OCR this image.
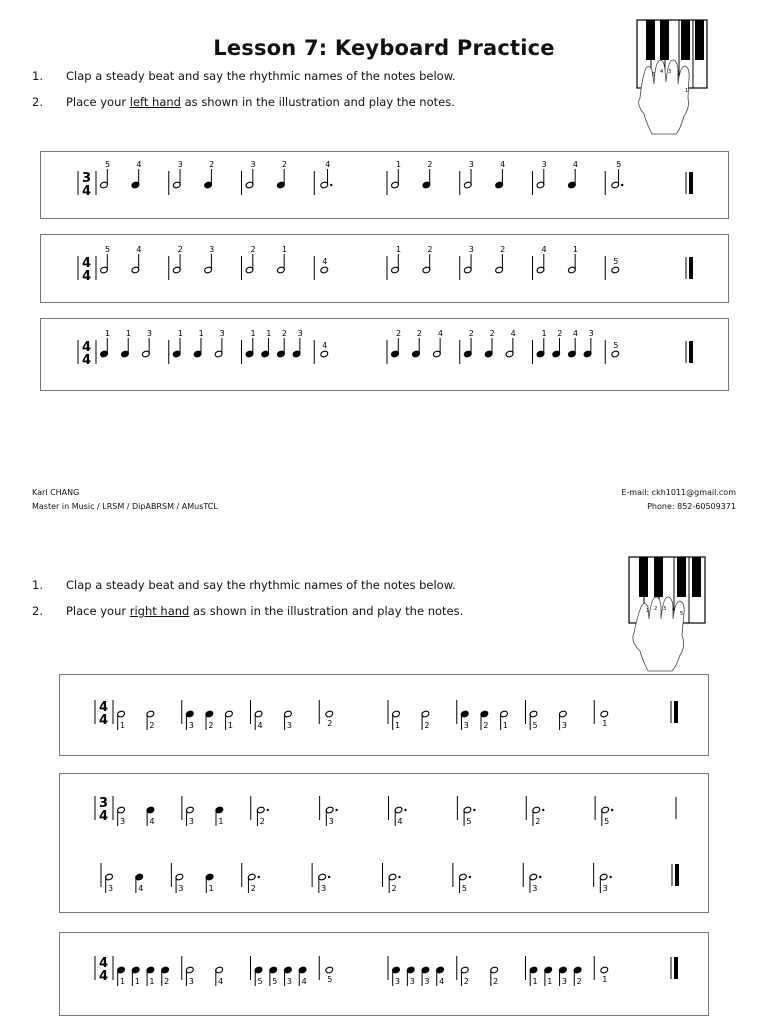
Lesson 7: Keyboard Practice
1. Clap a steady beat and say the rhythmic names of the notes below.
2. Place your left hand as shown in the illustration and play the notes.
1. Clap a steady beat and say the rhythmic names of the notes below.
2. Place your right hand as shown in the illustration and play the notes.
Karl CHANG
Master in Music / LRSM / DipABRSM / AMusTCL
E-mail: ckh1011@gmail.com
Phone: 852-60509371
5 4 3 2
1
1 2 3 4
5
3
4
5	4	3	2	3	2	4	1	2	3	4	3	4	5
4
4
5	4	2	3	2	1
4
1	2	3	2	4	1
5
4
4
1 1 3	1 1 3	1 1 2 3
4
2 2 4	2 2 4	1 2 4 3
5
4
4 1	2	3 2 1	4	3	2	1	2	3 2 1	5	3	1
3
4 3	4	3	1	2	3	4	5	2	5
3	4	3	1	2	3	2	5	3	3
4
4 1 1 1 2 3	4	5 5 3 4	5	3 3 3 4 2	2	1 1 3 2	1
